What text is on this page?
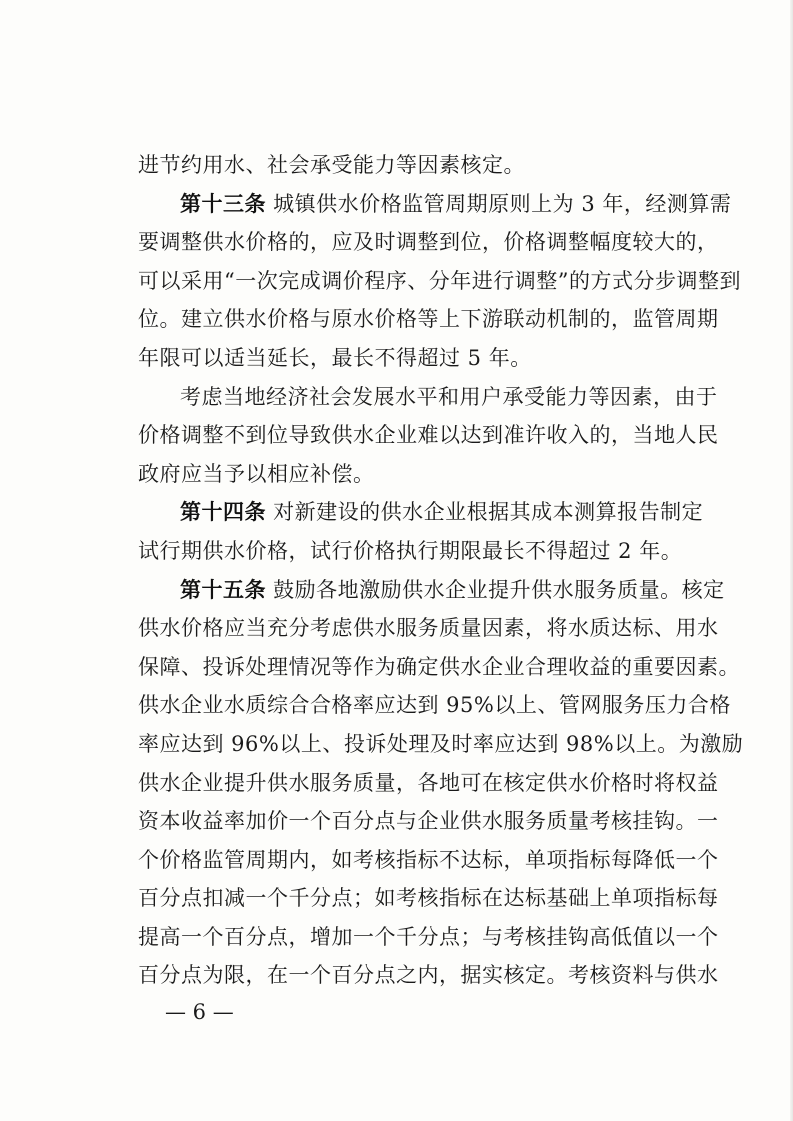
进节约用水、社会承受能力等因素核定。
第十三条 城镇供水价格监管周期原则上为 3 年，经测算需
要调整供水价格的，应及时调整到位，价格调整幅度较大的，
可以采用“一次完成调价程序、分年进行调整”的方式分步调整到
位。建立供水价格与原水价格等上下游联动机制的，监管周期
年限可以适当延长，最长不得超过 5 年。
考虑当地经济社会发展水平和用户承受能力等因素，由于
价格调整不到位导致供水企业难以达到准许收入的，当地人民
政府应当予以相应补偿。
第十四条 对新建设的供水企业根据其成本测算报告制定
试行期供水价格，试行价格执行期限最长不得超过 2 年。
第十五条 鼓励各地激励供水企业提升供水服务质量。核定
供水价格应当充分考虑供水服务质量因素，将水质达标、用水
保障、投诉处理情况等作为确定供水企业合理收益的重要因素。
供水企业水质综合合格率应达到 95%以上、管网服务压力合格
率应达到 96%以上、投诉处理及时率应达到 98%以上。为激励
供水企业提升供水服务质量，各地可在核定供水价格时将权益
资本收益率加价一个百分点与企业供水服务质量考核挂钩。一
个价格监管周期内，如考核指标不达标，单项指标每降低一个
百分点扣减一个千分点；如考核指标在达标基础上单项指标每
提高一个百分点，增加一个千分点；与考核挂钩高低值以一个
百分点为限，在一个百分点之内，据实核定。考核资料与供水
— 6 —
